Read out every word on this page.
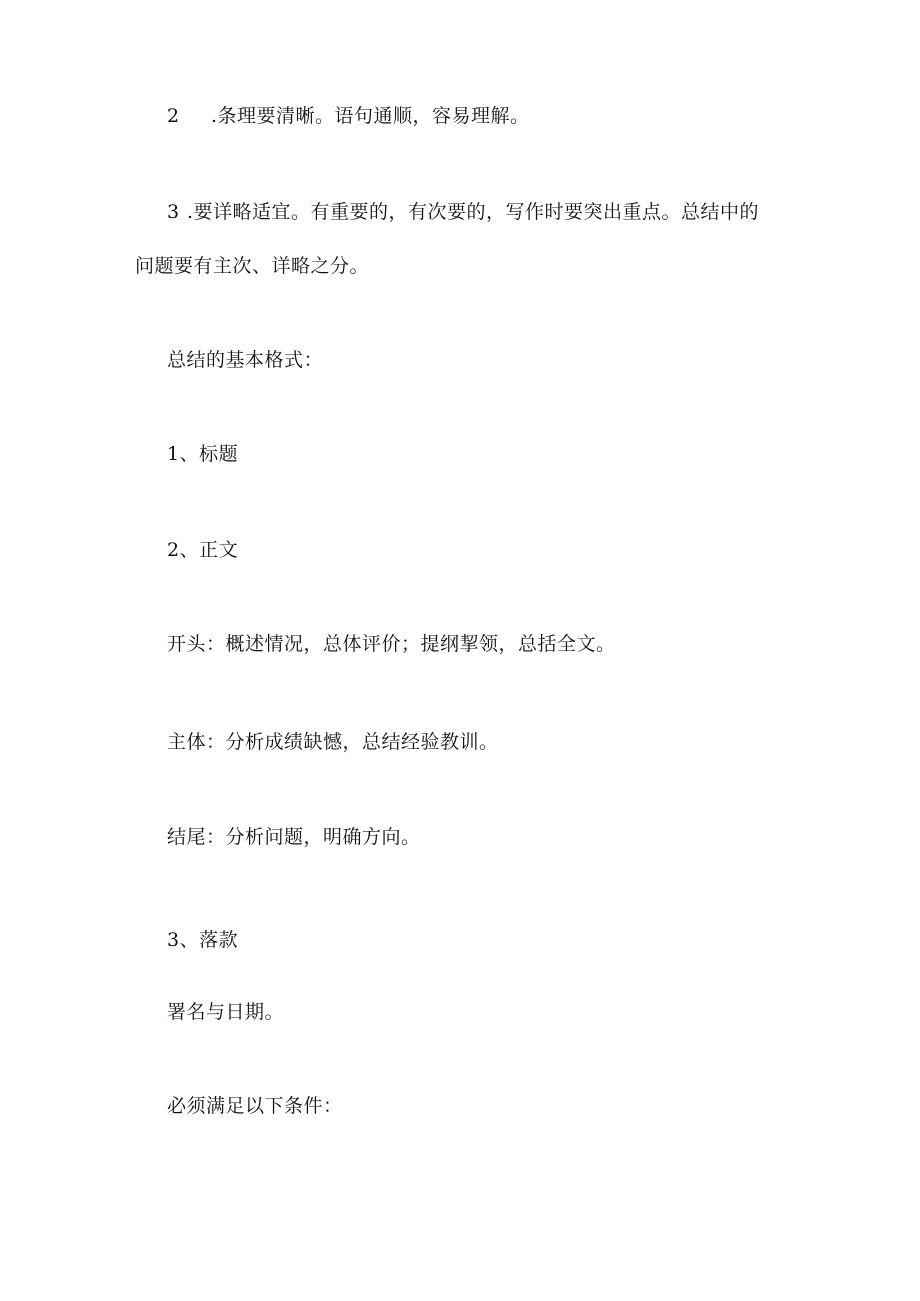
2 .条理要清晰。语句通顺，容易理解。
3 .要详略适宜。有重要的，有次要的，写作时要突出重点。总结中的
问题要有主次、详略之分。
总结的基本格式：
1、标题
2、正文
开头：概述情况，总体评价；提纲挈领，总括全文。
主体：分析成绩缺憾，总结经验教训。
结尾：分析问题，明确方向。
3、落款
署名与日期。
必须满足以下条件：
